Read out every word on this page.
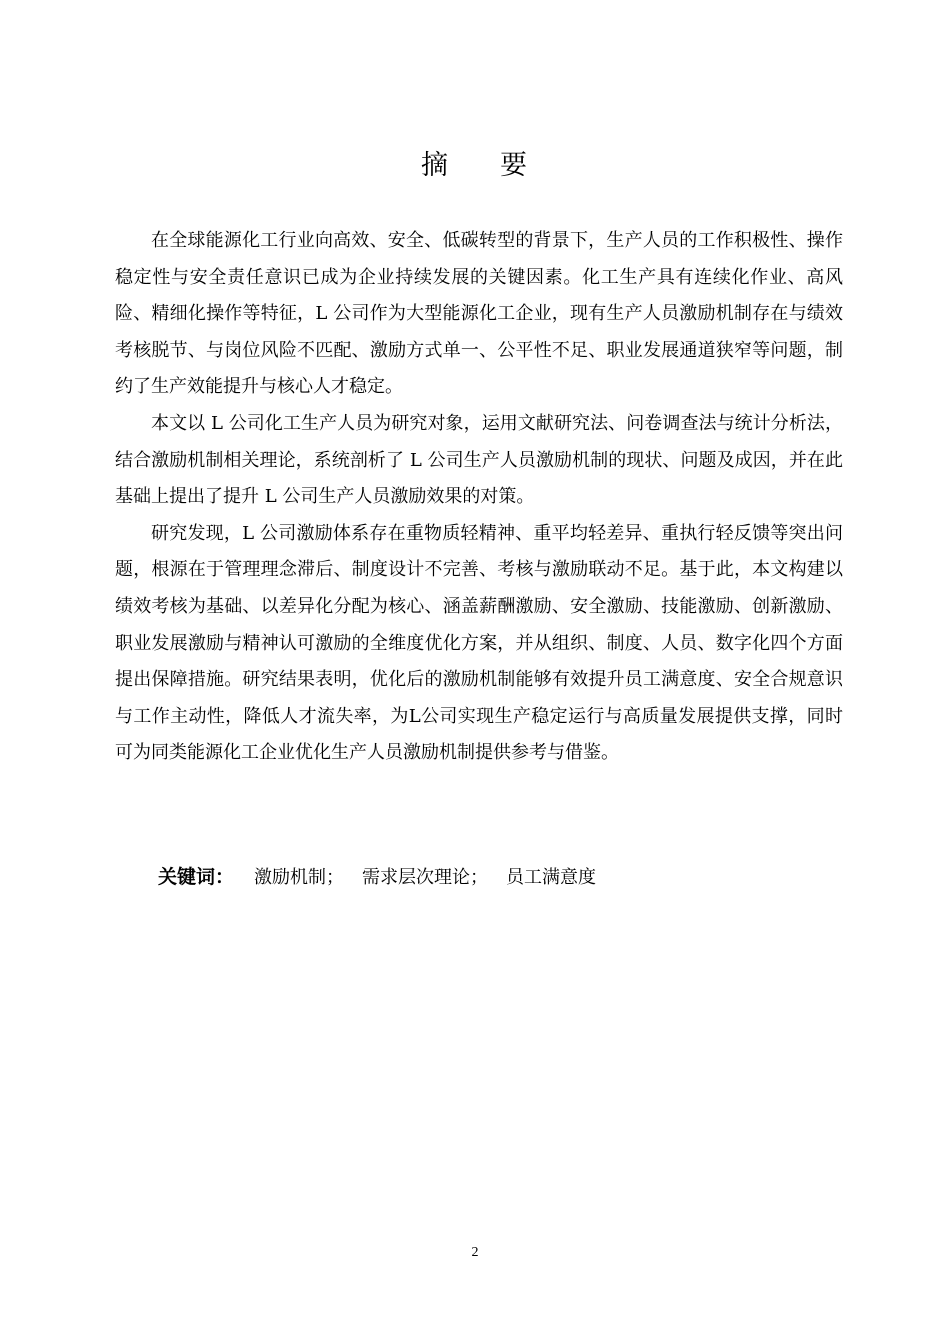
摘 要

在全球能源化工行业向高效、安全、低碳转型的背景下，生产人员的工作积极性、操作稳定性与安全责任意识已成为企业持续发展的关键因素。化工生产具有连续化作业、高风险、精细化操作等特征，L 公司作为大型能源化工企业，现有生产人员激励机制存在与绩效考核脱节、与岗位风险不匹配、激励方式单一、公平性不足、职业发展通道狭窄等问题，制约了生产效能提升与核心人才稳定。

本文以 L 公司化工生产人员为研究对象，运用文献研究法、问卷调查法与统计分析法，结合激励机制相关理论，系统剖析了 L 公司生产人员激励机制的现状、问题及成因，并在此基础上提出了提升 L 公司生产人员激励效果的对策。

研究发现，L 公司激励体系存在重物质轻精神、重平均轻差异、重执行轻反馈等突出问题，根源在于管理理念滞后、制度设计不完善、考核与激励联动不足。基于此，本文构建以绩效考核为基础、以差异化分配为核心、涵盖薪酬激励、安全激励、技能激励、创新激励、职业发展激励与精神认可激励的全维度优化方案，并从组织、制度、人员、数字化四个方面提出保障措施。研究结果表明，优化后的激励机制能够有效提升员工满意度、安全合规意识与工作主动性，降低人才流失率，为L公司实现生产稳定运行与高质量发展提供支撑，同时可为同类能源化工企业优化生产人员激励机制提供参考与借鉴。

关键词： 激励机制； 需求层次理论； 员工满意度
2
